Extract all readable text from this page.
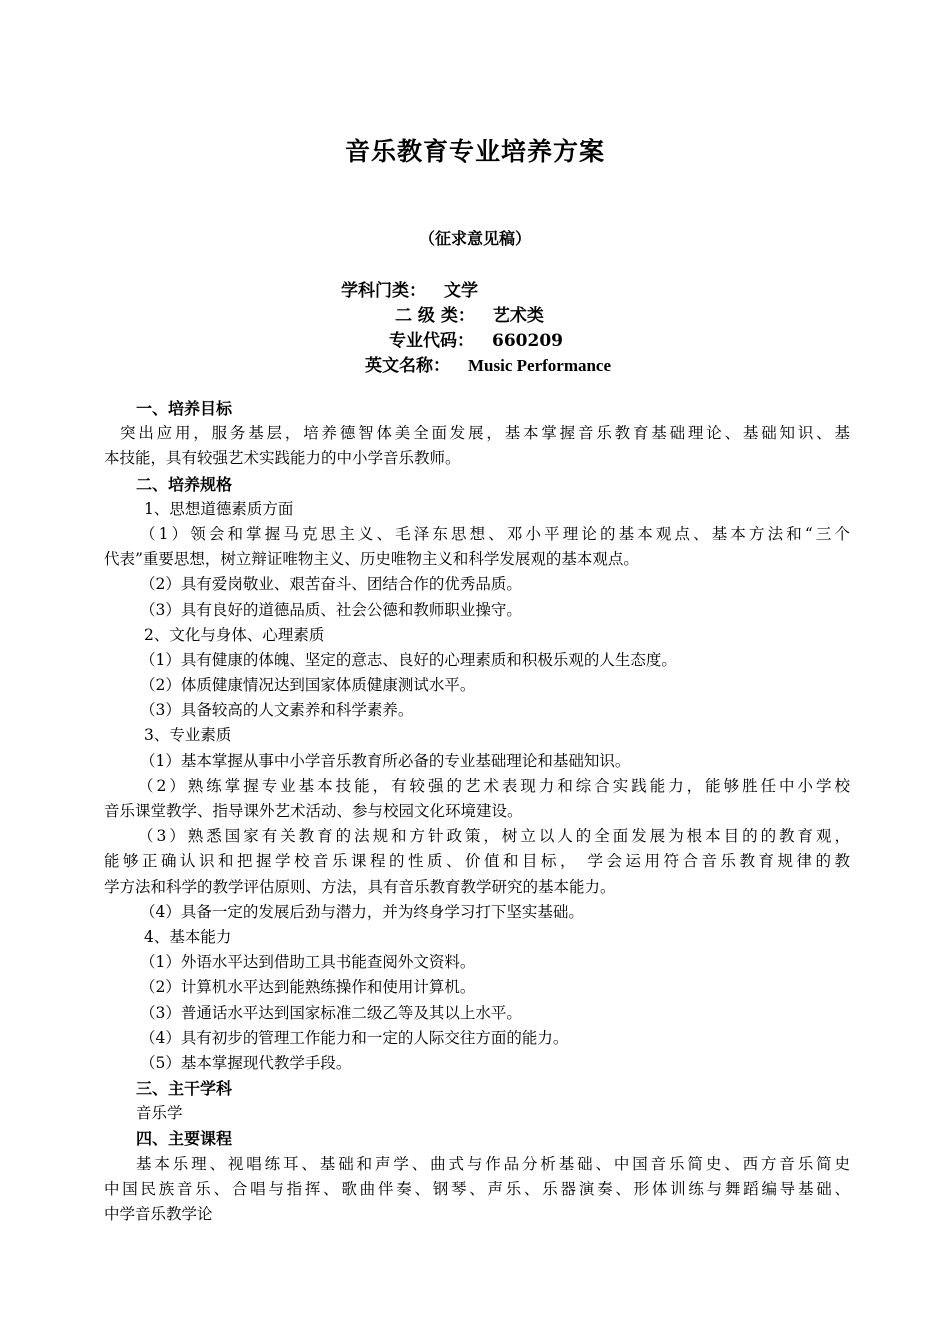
音乐教育专业培养方案
（征求意见稿）
学科门类： 文学
二 级 类： 艺术类
专业代码： 660209
英文名称： Music Performance
一、培养目标
突出应用，服务基层，培养德智体美全面发展，基本掌握音乐教育基础理论、基础知识、基
本技能，具有较强艺术实践能力的中小学音乐教师。
二、培养规格
1、思想道德素质方面
（1）领会和掌握马克思主义、毛泽东思想、邓小平理论的基本观点、基本方法和“三个
代表”重要思想，树立辩证唯物主义、历史唯物主义和科学发展观的基本观点。
（2）具有爱岗敬业、艰苦奋斗、团结合作的优秀品质。
（3）具有良好的道德品质、社会公德和教师职业操守。
2、文化与身体、心理素质
（1）具有健康的体魄、坚定的意志、良好的心理素质和积极乐观的人生态度。
（2）体质健康情况达到国家体质健康测试水平。
（3）具备较高的人文素养和科学素养。
3、专业素质
（1）基本掌握从事中小学音乐教育所必备的专业基础理论和基础知识。
（2）熟练掌握专业基本技能，有较强的艺术表现力和综合实践能力，能够胜任中小学校
音乐课堂教学、指导课外艺术活动、参与校园文化环境建设。
（3）熟悉国家有关教育的法规和方针政策，树立以人的全面发展为根本目的的教育观，
能够正确认识和把握学校音乐课程的性质、价值和目标， 学会运用符合音乐教育规律的教
学方法和科学的教学评估原则、方法，具有音乐教育教学研究的基本能力。
（4）具备一定的发展后劲与潜力，并为终身学习打下坚实基础。
4、基本能力
（1）外语水平达到借助工具书能查阅外文资料。
（2）计算机水平达到能熟练操作和使用计算机。
（3）普通话水平达到国家标准二级乙等及其以上水平。
（4）具有初步的管理工作能力和一定的人际交往方面的能力。
（5）基本掌握现代教学手段。
三、主干学科
音乐学
四、主要课程
基本乐理、视唱练耳、基础和声学、曲式与作品分析基础、中国音乐简史、西方音乐简史
中国民族音乐、合唱与指挥、歌曲伴奏、钢琴、声乐、乐器演奏、形体训练与舞蹈编导基础、
中学音乐教学论
